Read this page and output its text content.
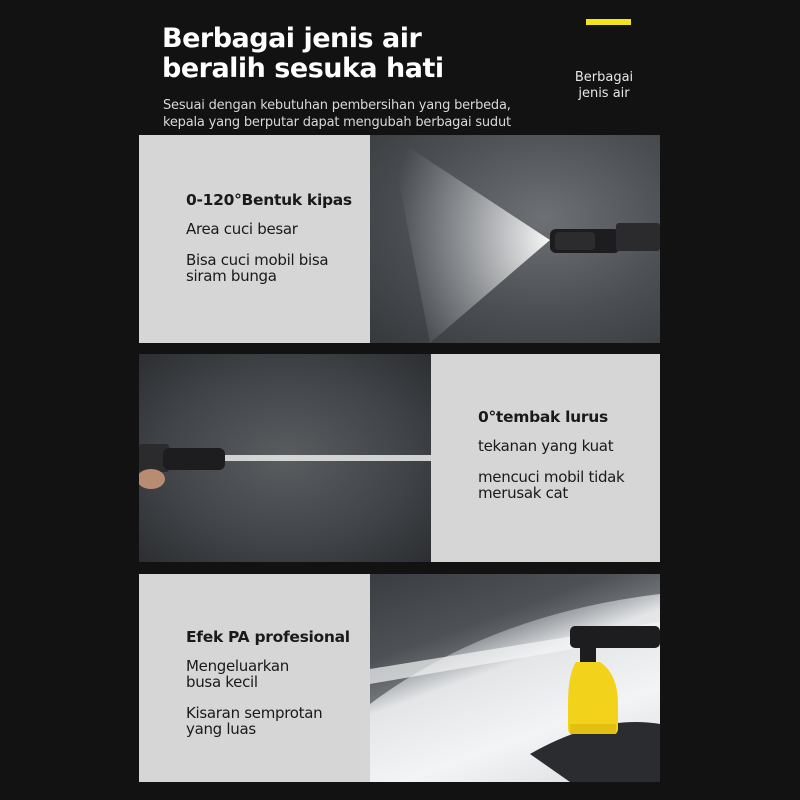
Berbagai jenis air
beralih sesuka hati
Sesuai dengan kebutuhan pembersihan yang berbeda,
kepala yang berputar dapat mengubah berbagai sudut
Berbagai
jenis air
0-120°Bentuk kipas
Area cuci besar
Bisa cuci mobil bisa
siram bunga
0°tembak lurus
tekanan yang kuat
mencuci mobil tidak
merusak cat
Efek PA profesional
Mengeluarkan
busa kecil
Kisaran semprotan
yang luas
